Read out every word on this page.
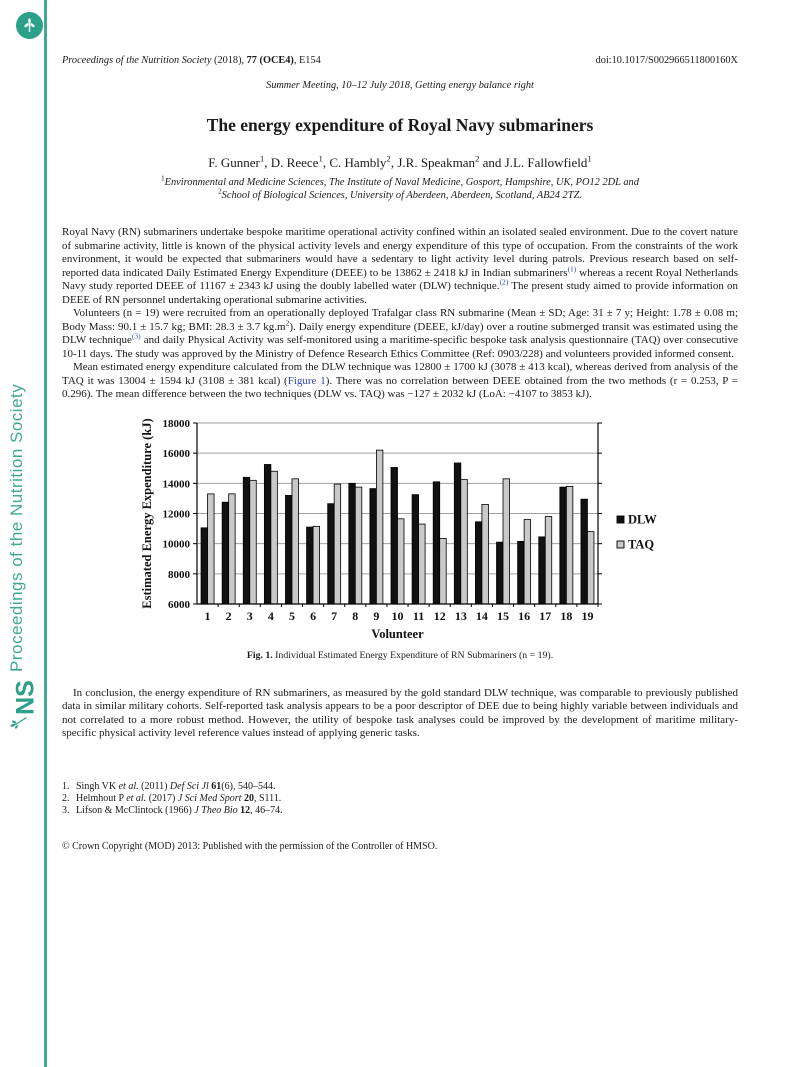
Proceedings of the Nutrition Society
NS
Proceedings of the Nutrition Society (2018), 77 (OCE4), E154	doi:10.1017/S002966511800160X
Summer Meeting, 10–12 July 2018, Getting energy balance right
The energy expenditure of Royal Navy submariners
F. Gunner$^1$, D. Reece$^1$, C. Hambly$^2$, J.R. Speakman$^2$ and J.L. Fallowfield$^1$
$^1$Environmental and Medicine Sciences, The Institute of Naval Medicine, Gosport, Hampshire, UK, PO12 2DL and
$^2$School of Biological Sciences, University of Aberdeen, Aberdeen, Scotland, AB24 2TZ.

Royal Navy (RN) submariners undertake bespoke maritime operational activity confined within an isolated sealed environment. Due to the covert nature of submarine activity, little is known of the physical activity levels and energy expenditure of this type of occupation. From the constraints of the work environment, it would be expected that submariners would have a sedentary to light activity level during patrols. Previous research based on self-reported data indicated Daily Estimated Energy Expenditure (DEEE) to be 13862 ± 2418 kJ in Indian submariners$^{(1)}$ whereas a recent Royal Netherlands Navy study reported DEEE of 11167 ± 2343 kJ using the doubly labelled water (DLW) technique.$^{(2)}$ The present study aimed to provide information on DEEE of RN personnel undertaking operational submarine activities.

Volunteers (n = 19) were recruited from an operationally deployed Trafalgar class RN submarine (Mean ± SD; Age: 31 ± 7 y; Height: 1.78 ± 0.08 m; Body Mass: 90.1 ± 15.7 kg; BMI: 28.3 ± 3.7 $kg.m^2$). Daily energy expenditure (DEEE, kJ/day) over a routine submerged transit was estimated using the DLW technique$^{(3)}$ and daily Physical Activity was self-monitored using a maritime-specific bespoke task analysis questionnaire (TAQ) over consecutive 10-11 days. The study was approved by the Ministry of Defence Research Ethics Committee (Ref: 0903/228) and volunteers provided informed consent.

Mean estimated energy expenditure calculated from the DLW technique was 12800 ± 1700 kJ (3078 ± 413 kcal), whereas derived from analysis of the TAQ it was 13004 ± 1594 kJ (3108 ± 381 kcal) (Figure 1). There was no correlation between DEEE obtained from the two methods (r = 0.253, P = 0.296). The mean difference between the two techniques (DLW vs. TAQ) was −127 ± 2032 kJ (LoA: −4107 to 3853 kJ).

6000
8000
10000
12000
14000
16000
18000
1 2 3 4 5 6 7 8 9 10 11 12 13 14 15 16 17 18 19
Estimated Energy Expenditure (kJ)
Volunteer
DLW
TAQ
Fig. 1. Individual Estimated Energy Expenditure of RN Submariners (n = 19).

In conclusion, the energy expenditure of RN submariners, as measured by the gold standard DLW technique, was comparable to previously published data in similar military cohorts. Self-reported task analysis appears to be a poor descriptor of DEE due to being highly variable between individuals and not correlated to a more robust method. However, the utility of bespoke task analyses could be improved by the development of maritime military-specific physical activity level reference values instead of applying generic tasks.

1. Singh VK et al. (2011) Def Sci Jl 61(6), 540–544.
2. Helmhout P et al. (2017) J Sci Med Sport 20, S111.
3. Lifson & McClintock (1966) J Theo Bio 12, 46–74.
© Crown Copyright (MOD) 2013: Published with the permission of the Controller of HMSO.
